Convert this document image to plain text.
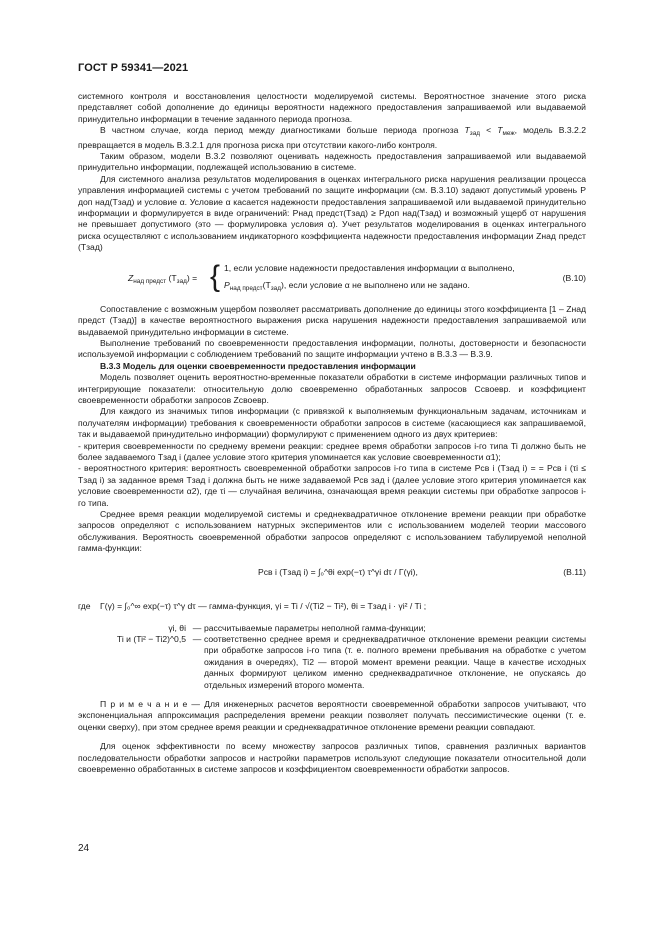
ГОСТ Р 59341—2021

системного контроля и восстановления целостности моделируемой системы. Вероятностное значение этого риска представляет собой дополнение до единицы вероятности надежного предоставления запрашиваемой или выдаваемой принудительно информации в течение заданного периода прогноза.

В частном случае, когда период между диагностиками больше периода прогноза $T_{зад} < T_{меж}$, модель В.3.2.2 превращается в модель В.3.2.1 для прогноза риска при отсутствии какого-либо контроля.

Таким образом, модели В.3.2 позволяют оценивать надежность предоставления запрашиваемой или выдаваемой принудительно информации, подлежащей использованию в системе.

Для системного анализа результатов моделирования в оценках интегрального риска нарушения реализации процесса управления информацией системы с учетом требований по защите информации (см. В.3.10) задают допустимый уровень P доп над(Tзад) и условие α. Условие α касается надежности предоставления запрашиваемой или выдаваемой принудительно информации и формулируется в виде ограничений: Pнад предст(Tзад) ≥ Pдоп над(Tзад) и возможный ущерб от нарушения не превышает допустимого (это — формулировка условия α). Учет результатов моделирования в оценках интегрального риска осуществляют с использованием индикаторного коэффициента надежности предоставления информации Zнад предст (Tзад)

$Z_{над предст}$ $(T_{зад})$ = { 1, если условие надежности предоставления информации α выполнено,
$P_{над предст}(T_{зад})$, если условие α не выполнено или не задано.
(В.10)

Сопоставление с возможным ущербом позволяет рассматривать дополнение до единицы этого коэффициента [1 – Zнад предст (Tзад)] в качестве вероятностного выражения риска нарушения надежности предоставления запрашиваемой или выдаваемой принудительно информации в системе.

Выполнение требований по своевременности предоставления информации, полноты, достоверности и безопасности используемой информации с соблюдением требований по защите информации учтено в В.3.3 — В.3.9.

В.3.3 Модель для оценки своевременности предоставления информации

Модель позволяет оценить вероятностно-временные показатели обработки в системе информации различных типов и интегрирующие показатели: относительную долю своевременно обработанных запросов Cсвоевр. и коэффициент своевременности обработки запросов Zсвоевр.

Для каждого из значимых типов информации (с привязкой к выполняемым функциональным задачам, источникам и получателям информации) требования к своевременности обработки запросов в системе (касающиеся как запрашиваемой, так и выдаваемой принудительно информации) формулируют с применением одного из двух критериев:

- критерия своевременности по среднему времени реакции: среднее время обработки запросов i-го типа Ti должно быть не более задаваемого Tзад i (далее условие этого критерия упоминается как условие своевременности α1);

- вероятностного критерия: вероятность своевременной обработки запросов i-го типа в системе Pсв i (Tзад i) = = Pсв i (τi ≤ Tзад i) за заданное время Tзад i должна быть не ниже задаваемой Pсв зад i (далее условие этого критерия упоминается как условие своевременности α2), где τi — случайная величина, означающая время реакции системы при обработке запросов i-го типа.

Среднее время реакции моделируемой системы и среднеквадратичное отклонение времени реакции при обработке запросов определяют с использованием натурных экспериментов или с использованием моделей теории массового обслуживания. Вероятность своевременной обработки запросов определяют с использованием табулируемой неполной гамма-функции:

Pсв i (Tзад i) = ∫₀^θi exp(−τ) τ^γi dτ / Γ(γi),	(В.11)
где Γ(γ) = ∫₀^∞ exp(−τ) τ^γ dτ — гамма-функция, γi = Ti / √(Ti2 − Ti²), θi = Tзад i · γi² / Ti ;
γi, θi — рассчитываемые параметры неполной гамма-функции;
Ti и (Ti² − Ti2)^0,5 — соответственно среднее время и среднеквадратичное отклонение времени реакции системы при обработке запросов i-го типа (т. е. полного времени пребывания на обработке с учетом ожидания в очередях), Ti2 — второй момент времени реакции. Чаще в качестве исходных данных формируют целиком именно среднеквадратичное отклонение, не опускаясь до отдельных измерений второго момента.

П р и м е ч а н и е — Для инженерных расчетов вероятности своевременной обработки запросов учитывают, что экспоненциальная аппроксимация распределения времени реакции позволяет получать пессимистические оценки (т. е. оценки сверху), при этом среднее время реакции и среднеквадратичное отклонение времени реакции совпадают.

Для оценок эффективности по всему множеству запросов различных типов, сравнения различных вариантов последовательности обработки запросов и настройки параметров используют следующие показатели относительной доли своевременно обработанных в системе запросов и коэффициентом своевременности обработки запросов.

24
